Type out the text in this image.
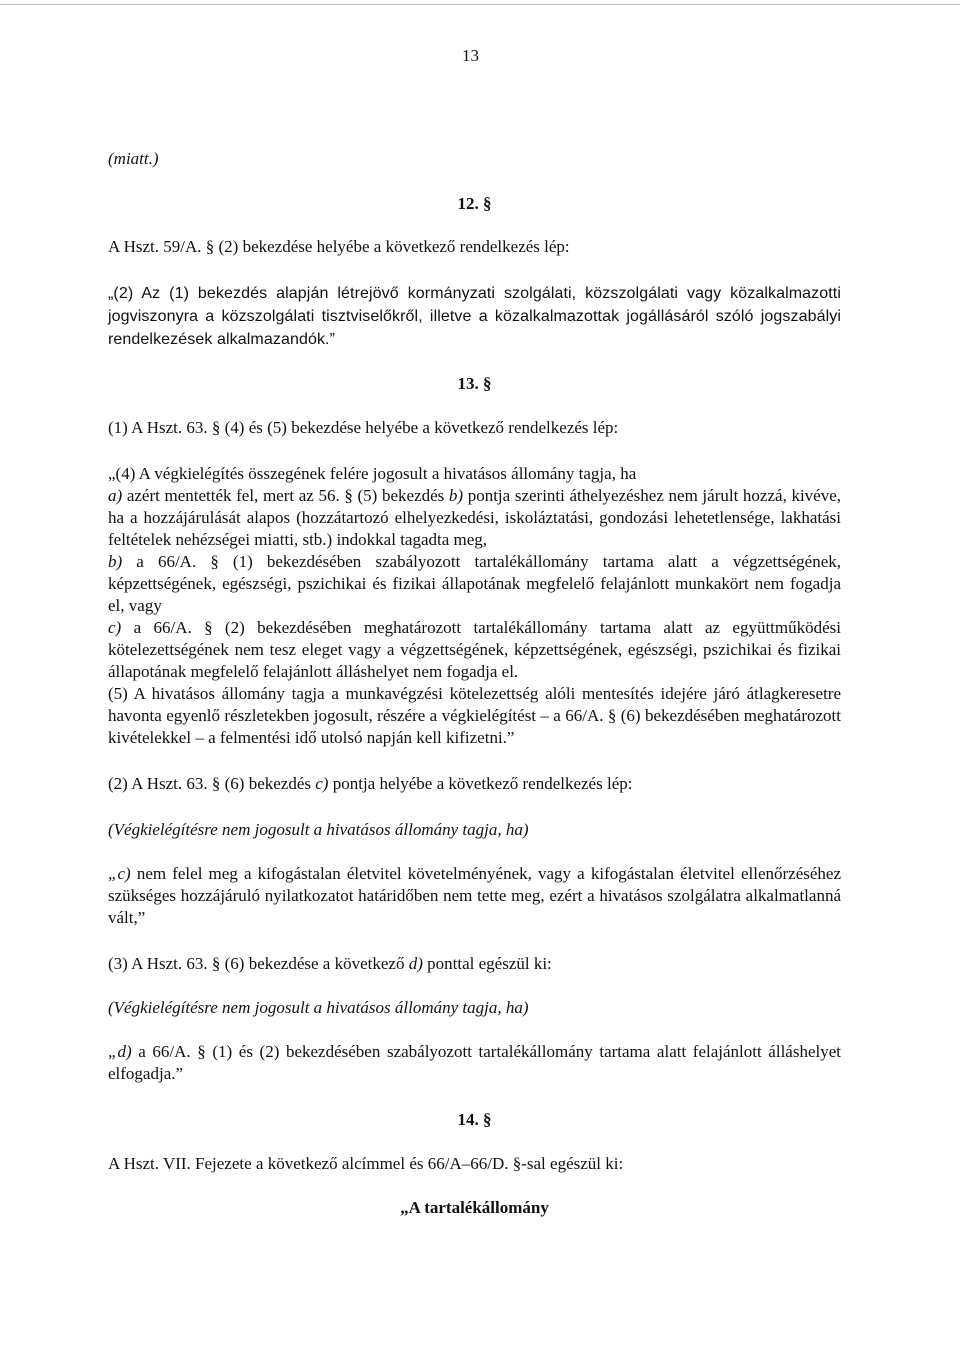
13
(miatt.)
12. §
A Hszt. 59/A. § (2) bekezdése helyébe a következő rendelkezés lép:
„(2) Az (1) bekezdés alapján létrejövő kormányzati szolgálati, közszolgálati vagy közalkalmazotti jogviszonyra a közszolgálati tisztviselőkről, illetve a közalkalmazottak jogállásáról szóló jogszabályi rendelkezések alkalmazandók.”
13. §
(1) A Hszt. 63. § (4) és (5) bekezdése helyébe a következő rendelkezés lép:

„(4) A végkielégítés összegének felére jogosult a hivatásos állomány tagja, ha

a) azért mentették fel, mert az 56. § (5) bekezdés b) pontja szerinti áthelyezéshez nem járult hozzá, kivéve, ha a hozzájárulását alapos (hozzátartozó elhelyezkedési, iskoláztatási, gondozási lehetetlensége, lakhatási feltételek nehézségei miatti, stb.) indokkal tagadta meg,

b) a 66/A. § (1) bekezdésében szabályozott tartalékállomány tartama alatt a végzettségének, képzettségének, egészségi, pszichikai és fizikai állapotának megfelelő felajánlott munkakört nem fogadja el, vagy

c) a 66/A. § (2) bekezdésében meghatározott tartalékállomány tartama alatt az együttműködési kötelezettségének nem tesz eleget vagy a végzettségének, képzettségének, egészségi, pszichikai és fizikai állapotának megfelelő felajánlott álláshelyet nem fogadja el.

(5) A hivatásos állomány tagja a munkavégzési kötelezettség alóli mentesítés idejére járó átlagkeresetre havonta egyenlő részletekben jogosult, részére a végkielégítést – a 66/A. § (6) bekezdésében meghatározott kivételekkel – a felmentési idő utolsó napján kell kifizetni.”

(2) A Hszt. 63. § (6) bekezdés c) pontja helyébe a következő rendelkezés lép:
(Végkielégítésre nem jogosult a hivatásos állomány tagja, ha)
„c) nem felel meg a kifogástalan életvitel követelményének, vagy a kifogástalan életvitel ellenőrzéséhez szükséges hozzájáruló nyilatkozatot határidőben nem tette meg, ezért a hivatásos szolgálatra alkalmatlanná vált,”
(3) A Hszt. 63. § (6) bekezdése a következő d) ponttal egészül ki:
(Végkielégítésre nem jogosult a hivatásos állomány tagja, ha)
„d) a 66/A. § (1) és (2) bekezdésében szabályozott tartalékállomány tartama alatt felajánlott álláshelyet elfogadja.”
14. §
A Hszt. VII. Fejezete a következő alcímmel és 66/A–66/D. §-sal egészül ki:
„A tartalékállomány
